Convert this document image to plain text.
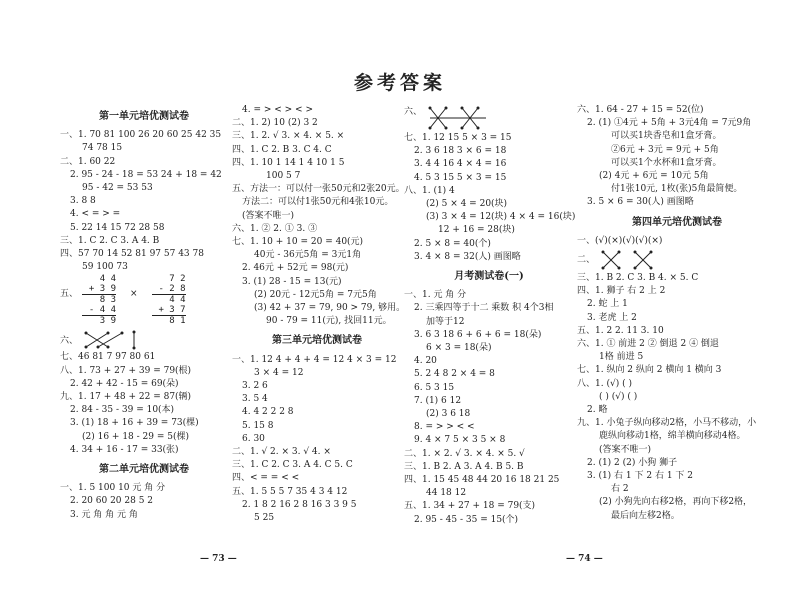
参考答案
第一单元培优测试卷
一、1. 70 81 100 26 20 60 25 42 35
74 78 15
二、1. 60 22
2. 95 - 24 - 18 = 53 24 + 18 = 42
95 - 42 = 53 53
3. 8 8
4. < = > =
5. 22 14 15 72 28 58
三、1. C 2. C 3. A 4. B
四、57 70 14 52 81 97 57 43 78
59 100 73
五、
4 4
+ 3 9
8 3
- 4 4
3 9
×
7 2
- 2 8
4 4
+ 3 7
8 1
六、
七、46 81 7 97 80 61
八、1. 73 + 27 + 39 = 79(根)
2. 42 + 42 - 15 = 69(朵)
九、1. 17 + 48 + 22 = 87(辆)
2. 84 - 35 - 39 = 10(本)
3. (1) 18 + 16 + 39 = 73(棵)
(2) 16 + 18 - 29 = 5(棵)
4. 34 + 16 - 17 = 33(张)
第二单元培优测试卷
一、1. 5 100 10 元 角 分
2. 20 60 20 28 5 2
3. 元 角 角 元 角
4. = > < > < >
二、1. 2) 10 (2) 3 2
三、1. 2. √ 3. × 4. × 5. ×
四、1. C 2. B 3. C 4. C
四、1. 10 1 14 1 4 10 1 5
100 5 7
五、方法一：可以付一张50元和2张20元。
方法二：可以付1张50元和4张10元。
(答案不唯一)
六、1. ② 2. ① 3. ③
七、1. 10 + 10 = 20 = 40(元)
40元 - 36元5角 = 3元1角
2. 46元 + 52元 = 98(元)
3. (1) 28 - 15 = 13(元)
(2) 20元 - 12元5角 = 7元5角
(3) 42 + 37 = 79, 90 > 79, 够用。
90 - 79 = 11(元), 找回11元。
第三单元培优测试卷
一、1. 12 4 + 4 + 4 = 12 4 × 3 = 12
3 × 4 = 12
3. 2 6
3. 5 4
4. 4 2 2 2 8
5. 15 8
6. 30
二、1. √ 2. × 3. √ 4. ×
三、1. C 2. C 3. A 4. C 5. C
四、< = = < <
五、1. 5 5 5 7 35 4 3 4 12
2. 1 8 2 16 2 8 16 3 3 9 5
5 25
六、
七、1. 12 15 5 × 3 = 15
2. 3 6 18 3 × 6 = 18
3. 4 4 16 4 × 4 = 16
4. 5 3 15 5 × 3 = 15
八、1. (1) 4
(2) 5 × 4 = 20(块)
(3) 3 × 4 = 12(块) 4 × 4 = 16(块)
12 + 16 = 28(块)
2. 5 × 8 = 40(个)
3. 4 × 8 = 32(人) 画图略
月考测试卷(一)
一、1. 元 角 分
2. 三乘四等于十二 乘数 积 4个3相
加等于12
3. 6 3 18 6 + 6 + 6 = 18(朵)
6 × 3 = 18(朵)
4. 20
5. 2 4 8 2 × 4 = 8
6. 5 3 15
7. (1) 6 12
(2) 3 6 18
8. = > > < <
9. 4 × 7 5 × 3 5 × 8
二、1. × 2. √ 3. × 4. × 5. √
三、1. B 2. A 3. A 4. B 5. B
四、1. 15 45 48 44 20 16 18 21 25
44 18 12
五、1. 34 + 27 + 18 = 79(支)
2. 95 - 45 - 35 = 15(个)
六、1. 64 - 27 + 15 = 52(位)
2. (1) ①4元 + 5角 + 3元4角 = 7元9角
可以买1块香皂和1盒牙膏。
②6元 + 3元 = 9元 + 5角
可以买1个水杯和1盒牙膏。
(2) 4元 + 6元 = 10元 5角
付1张10元, 1枚(张)5角最简便。
3. 5 × 6 = 30(人) 画图略
第四单元培优测试卷
一、(√)(×)(√)(√)(×)
二、
三、1. B 2. C 3. B 4. × 5. C
四、1. 狮子 右 2 上 2
2. 蛇 上 1
3. 老虎 上 2
五、1. 2 2. 11 3. 10
六、1. ① 前进 2 ② 倒退 2 ④ 倒退
1格 前进 5
七、1. 纵向 2 纵向 2 横向 1 横向 3
八、1. (√) ( )
( ) (√) ( )
2. 略
九、1. 小兔子纵向移动2格，小马不移动，小
鹿纵向移动1格，绵羊横向移动4格。
(答案不唯一)
2. (1) 2 (2) 小狗 狮子
3. (1) 右 1 下 2 右 1 下 2
右 2
(2) 小狗先向右移2格，再向下移2格，
最后向左移2格。
— 73 —	— 74 —
